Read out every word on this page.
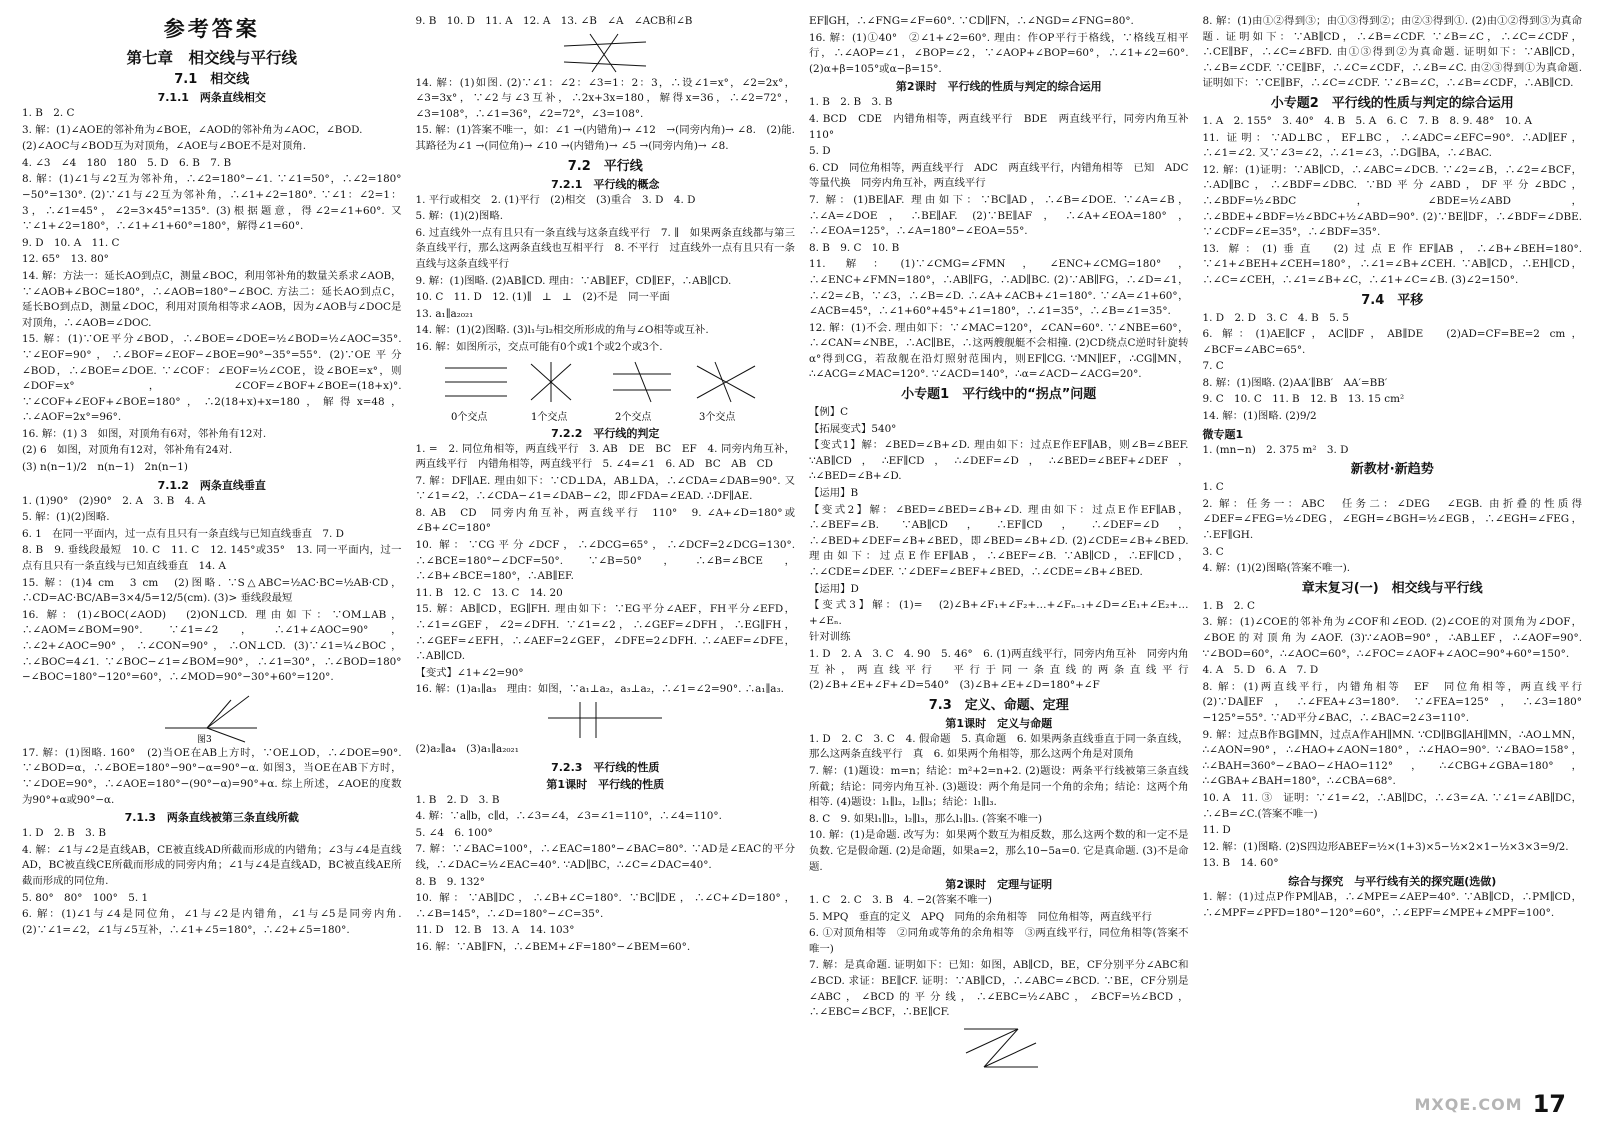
参考答案
第七章　相交线与平行线
7.1　相交线
7.1.1　两条直线相交

1. B　2. C

3. 解：(1)∠AOE的邻补角为∠BOE，∠AOD的邻补角为∠AOC，∠BOD.

(2)∠AOC与∠BOD互为对顶角，∠AOE与∠BOE不是对顶角.

4. ∠3　∠4　180　180　5. D　6. B　7. B

8. 解：(1)∠1与∠2互为邻补角，∴∠2=180°−∠1. ∵∠1=50°，∴∠2=180°−50°=130°. (2)∵∠1与∠2互为邻补角，∴∠1+∠2=180°. ∵∠1：∠2=1：3，∴∠1=45°，∠2=3×45°=135°. (3)根据题意，得∠2=∠1+60°. 又∵∠1+∠2=180°，∴∠1+∠1+60°=180°，解得∠1=60°.

9. D　10. A　11. C

12. 65°　13. 80°

14. 解：方法一：延长AO到点C，测量∠BOC，利用邻补角的数量关系求∠AOB，∵∠AOB+∠BOC=180°，∴∠AOB=180°−∠BOC. 方法二：延长AO到点C，延长BO到点D，测量∠DOC，利用对顶角相等求∠AOB，因为∠AOB与∠DOC是对顶角，∴∠AOB=∠DOC.

15. 解：(1)∵OE平分∠BOD，∴∠BOE=∠DOE=½∠BOD=½∠AOC=35°. ∵∠EOF=90°，∴∠BOF=∠EOF−∠BOE=90°−35°=55°. (2)∵OE平分∠BOD，∴∠BOE=∠DOE. ∵∠COF：∠EOF=½∠COE，设∠BOE=x°，则∠DOF=x°，∠COF=∠BOF+∠BOE=(18+x)°. ∵∠COF+∠EOF+∠BOE=180°，∴2(18+x)+x=180，解得x=48，∴∠AOF=2x°=96°.

16. 解：(1) 3　如图，对顶角有6对，邻补角有12对.

(2) 6　如图，对顶角有12对，邻补角有24对.

(3) n(n−1)/2　n(n−1)　2n(n−1)

7.1.2　两条直线垂直

1. (1)90°　(2)90°　2. A　3. B　4. A

5. 解：(1)(2)图略.

6. 1　在同一平面内，过一点有且只有一条直线与已知直线垂直　7. D

8. B　9. 垂线段最短　10. C　11. C　12. 145°或35°　13. 同一平面内，过一点有且只有一条直线与已知直线垂直　14. A

15. 解：(1)4 cm　3 cm　(2)图略. ∵S△ABC=½AC·BC=½AB·CD，∴CD=AC·BC/AB=3×4/5=12/5(cm). (3)> 垂线段最短

16. 解：(1)∠BOC(∠AOD)　(2)ON⊥CD. 理由如下：∵OM⊥AB，∴∠AOM=∠BOM=90°. ∵∠1=∠2，∴∠1+∠AOC=90°，∴∠2+∠AOC=90°，∴∠CON=90°，∴ON⊥CD. (3)∵∠1=¼∠BOC，∴∠BOC=4∠1. ∵∠BOC−∠1=∠BOM=90°，∴∠1=30°，∴∠BOD=180°−∠BOC=180°−120°=60°，∴∠MOD=90°−30°+60°=120°.

图3

17. 解：(1)图略. 160°　(2)当OE在AB上方时，∵OE⊥OD，∴∠DOE=90°. ∵∠BOD=α，∴∠BOE=180°−90°−α=90°−α. 如图3，当OE在AB下方时，∵∠DOE=90°，∴∠AOE=180°−(90°−α)=90°+α. 综上所述，∠AOE的度数为90°+α或90°−α.

7.1.3　两条直线被第三条直线所截

1. D　2. B　3. B

4. 解：∠1与∠2是直线AB，CE被直线AD所截而形成的内错角；∠3与∠4是直线AD，BC被直线CE所截而形成的同旁内角；∠1与∠4是直线AD，BC被直线AE所截而形成的同位角.

5. 80°　80°　100°　5. 1

6. 解：(1)∠1与∠4是同位角，∠1与∠2是内错角，∠1与∠5是同旁内角. (2)∵∠1=∠2，∠1与∠5互补，∴∠1+∠5=180°，∴∠2+∠5=180°.

9. B　10. D　11. A　12. A　13. ∠B　∠A　∠ACB和∠B

14. 解：(1)如图. (2)∵∠1：∠2：∠3=1：2：3，∴设∠1=x°，∠2=2x°，∠3=3x°，∵∠2与∠3互补，∴2x+3x=180，解得x=36，∴∠2=72°，∠3=108°，∴∠1=36°，∠2=72°，∠3=108°.

15. 解：(1)答案不唯一，如：∠1 →(内错角)→ ∠12　→(同旁内角)→ ∠8.　(2)能. 其路径为∠1 →(同位角)→ ∠10 →(内错角)→ ∠5 →(同旁内角)→ ∠8.

7.2　平行线
7.2.1　平行线的概念

1. 平行或相交　2. (1)平行　(2)相交　(3)重合　3. D　4. D

5. 解：(1)(2)图略.

6. 过直线外一点有且只有一条直线与这条直线平行　7. ∥　如果两条直线都与第三条直线平行，那么这两条直线也互相平行　8. 不平行　过直线外一点有且只有一条直线与这条直线平行

9. 解：(1)图略. (2)AB∥CD. 理由：∵AB∥EF，CD∥EF，∴AB∥CD.

10. C　11. D　12. (1)∥　⊥　⊥　(2)不是　同一平面

13. a₁∥a₂₀₂₁

14. 解：(1)(2)图略. (3)l₁与l₂相交所形成的角与∠O相等或互补.

16. 解：如图所示，交点可能有0个或1个或2个或3个.

0个交点	1个交点	2个交点	3个交点
7.2.2　平行线的判定

1. =　2. 同位角相等，两直线平行　3. AB　DE　BC　EF　4. 同旁内角互补，两直线平行　内错角相等，两直线平行　5. ∠4=∠1　6. AD　BC　AB　CD

7. 解：DF∥AE. 理由如下：∵CD⊥DA，AB⊥DA，∴∠CDA=∠DAB=90°. 又∵∠1=∠2，∴∠CDA−∠1=∠DAB−∠2，即∠FDA=∠EAD. ∴DF∥AE.

8. AB　CD　同旁内角互补，两直线平行　110°　9. ∠A+∠D=180°或∠B+∠C=180°

10. 解：∵CG平分∠DCF，∴∠DCG=65°，∴∠DCF=2∠DCG=130°. ∴∠BCE=180°−∠DCF=50°. ∵∠B=50°，∴∠B=∠BCE，∴∠B+∠BCE=180°，∴AB∥EF.

11. B　12. C　13. C　14. 20

15. 解：AB∥CD，EG∥FH. 理由如下：∵EG平分∠AEF，FH平分∠EFD，∴∠1=∠GEF，∠2=∠DFH. ∵∠1=∠2，∴∠GEF=∠DFH，∴EG∥FH，∴∠GEF=∠EFH，∴∠AEF=2∠GEF，∠DFE=2∠DFH. ∴∠AEF=∠DFE，∴AB∥CD.

【变式】∠1+∠2=90°

16. 解：(1)a₁∥a₃　理由：如图，∵a₁⊥a₂，a₃⊥a₂，∴∠1=∠2=90°. ∴a₁∥a₃.

(2)a₂∥a₄　(3)a₁∥a₂₀₂₁

7.2.3　平行线的性质
第1课时　平行线的性质

1. B　2. D　3. B

4. 解：∵a∥b，c∥d，∴∠3=∠4，∠3=∠1=110°，∴∠4=110°.

5. ∠4　6. 100°

7. 解：∵∠BAC=100°，∴∠EAC=180°−∠BAC=80°. ∵AD是∠EAC的平分线，∴∠DAC=½∠EAC=40°. ∵AD∥BC，∴∠C=∠DAC=40°.

8. B　9. 132°

10. 解：∵AB∥DC，∴∠B+∠C=180°. ∵BC∥DE，∴∠C+∠D=180°，∴∠B=145°，∴∠D=180°−∠C=35°.

11. D　12. B　13. A　14. 103°

16. 解：∵AB∥FN，∴∠BEM+∠F=180°−∠BEM=60°.

EF∥GH，∴∠FNG=∠F=60°. ∵CD∥FN，∴∠NGD=∠FNG=80°.

16. 解：(1)①40°　②∠1+∠2=60°. 理由：作OP平行于格线，∵格线互相平行，∴∠AOP=∠1，∠BOP=∠2，∵∠AOP+∠BOP=60°，∴∠1+∠2=60°. (2)α+β=105°或α−β=15°.

第2课时　平行线的性质与判定的综合运用

1. B　2. B　3. B

4. BCD　CDE　内错角相等，两直线平行　BDE　两直线平行，同旁内角互补　110°

5. D

6. CD　同位角相等，两直线平行　ADC　两直线平行，内错角相等　已知　ADC　等量代换　同旁内角互补，两直线平行

7. 解：(1)BE∥AF. 理由如下：∵BC∥AD，∴∠B=∠DOE. ∵∠A=∠B，∴∠A=∠DOE，∴BE∥AF. (2)∵BE∥AF，∴∠A+∠EOA=180°，∴∠EOA=125°，∴∠A=180°−∠EOA=55°.

8. B　9. C　10. B

11. 解：(1)∵∠CMG=∠FMN，∠ENC+∠CMG=180°，∴∠ENC+∠FMN=180°，∴AB∥FG，∴AD∥BC. (2)∵AB∥FG，∴∠D=∠1，∴∠2=∠B，∵∠3，∴∠B=∠D. ∴∠A+∠ACB+∠1=180°. ∵∠A=∠1+60°，∠ACB=45°，∴∠1+60°+45°+∠1=180°，∴∠1=35°，∴∠B=∠1=35°.

12. 解：(1)不会. 理由如下：∵∠MAC=120°，∠CAN=60°. ∵∠NBE=60°，∴∠CAN=∠NBE，∴AC∥BE，∴这两艘舰艇不会相撞. (2)CD绕点C逆时针旋转α°得到CG，若敌舰在沿灯照射范围内，则EF∥CG. ∵MN∥EF，∴CG∥MN，∴∠ACG=∠MAC=120°. ∵∠ACD=140°，∴α=∠ACD−∠ACG=20°.

小专题1　平行线中的“拐点”问题

【例】C

【拓展变式】540°

【变式1】解：∠BED=∠B+∠D. 理由如下：过点E作EF∥AB，则∠B=∠BEF. ∵AB∥CD，∴EF∥CD，∴∠DEF=∠D，∴∠BED=∠BEF+∠DEF，∴∠BED=∠B+∠D.

【运用】B

【变式2】解：∠BED=∠BED=∠B+∠D. 理由如下：过点E作EF∥AB，∴∠BEF=∠B. ∵AB∥CD，∴EF∥CD，∴∠DEF=∠D，∴∠BED+∠DEF=∠B+∠BED，即∠BED=∠B+∠D. (2)∠CDE=∠B+∠BED. 理由如下：过点E作EF∥AB，∴∠BEF=∠B. ∵AB∥CD，∴EF∥CD，∴∠CDE=∠DEF. ∵∠DEF=∠BEF+∠BED，∴∠CDE=∠B+∠BED.

【运用】D

【变式3】解：(1)=　(2)∠B+∠F₁+∠F₂+…+∠Fₙ₋₁+∠D=∠E₁+∠E₂+…+∠Eₙ.

针对训练

1. D　2. A　3. C　4. 90　5. 46°　6. (1)两直线平行，同旁内角互补　同旁内角互补，两直线平行　平行于同一条直线的两条直线平行　(2)∠B+∠E+∠F+∠D=540°　(3)∠B+∠E+∠D=180°+∠F

7.3　定义、命题、定理
第1课时　定义与命题

1. D　2. C　3. C　4. 假命题　5. 真命题　6. 如果两条直线垂直于同一条直线，那么这两条直线平行　真　6. 如果两个角相等，那么这两个角是对顶角

7. 解：(1)题设：m=n；结论：m²+2=n+2. (2)题设：两条平行线被第三条直线所截；结论：同旁内角互补. (3)题设：两个角是同一个角的余角；结论：这两个角相等. (4)题设：l₁∥l₂，l₂∥l₃；结论：l₁∥l₃.

8. C　9. 如果l₁∥l₂，l₂∥l₃，那么l₁∥l₃. (答案不唯一)

10. 解：(1)是命题. 改写为：如果两个数互为相反数，那么这两个数的和一定不是负数. 它是假命题. (2)是命题，如果a=2，那么10−5a=0. 它是真命题. (3)不是命题.

第2课时　定理与证明

1. C　2. C　3. B　4. −2(答案不唯一)

5. MPQ　垂直的定义　APQ　同角的余角相等　同位角相等，两直线平行

6. ①对顶角相等　②同角或等角的余角相等　③两直线平行，同位角相等(答案不唯一)

7. 解：是真命题. 证明如下：已知：如图，AB∥CD，BE，CF分别平分∠ABC和∠BCD. 求证：BE∥CF. 证明：∵AB∥CD，∴∠ABC=∠BCD. ∵BE，CF分别是∠ABC，∠BCD的平分线，∴∠EBC=½∠ABC，∠BCF=½∠BCD，∴∠EBC=∠BCF，∴BE∥CF.

8. 解：(1)由①②得到③；由①③得到②；由②③得到①. (2)由①②得到③为真命题. 证明如下：∵AB∥CD，∴∠B=∠CDF. ∵∠B=∠C，∴∠C=∠CDF，∴CE∥BF，∴∠C=∠BFD. 由①③得到②为真命题. 证明如下：∵AB∥CD，∴∠B=∠CDF. ∵CE∥BF，∴∠C=∠CDF，∴∠B=∠C. 由②③得到①为真命题. 证明如下：∵CE∥BF，∴∠C=∠CDF. ∵∠B=∠C，∴∠B=∠CDF，∴AB∥CD.

小专题2　平行线的性质与判定的综合运用

1. A　2. 155°　3. 40°　4. B　5. A　6. C　7. B　8. 9. 48°　10. A

11. 证明：∵AD⊥BC，EF⊥BC，∴∠ADC=∠EFC=90°. ∴AD∥EF，∴∠1=∠2. 又∵∠3=∠2，∴∠1=∠3，∴DG∥BA，∴∠BAC.

12. 解：(1)证明：∵AB∥CD，∴∠ABC=∠DCB. ∵∠2=∠B，∴∠2=∠BCF，∴AD∥BC，∴∠BDF=∠DBC. ∵BD平分∠ABD，DF平分∠BDC，∴∠BDF=½∠BDC，∠BDE=½∠ABD，∴∠BDE+∠BDF=½∠BDC+½∠ABD=90°. (2)∵BE∥DF，∴∠BDF=∠DBE. ∵∠CDF=∠E=35°，∴∠BDF=35°.

13. 解：(1)垂直　(2)过点E作EF∥AB，∴∠B+∠BEH=180°. ∵∠1+∠BEH+∠CEH=180°，∴∠1=∠B+∠CEH. ∵AB∥CD，∴EH∥CD，∴∠C=∠CEH，∴∠1=∠B+∠C，∴∠1+∠C=∠B. (3)∠2=150°.

7.4　平移

1. D　2. D　3. C　4. B　5. 5

6. 解：(1)AE∥CF，AC∥DF，AB∥DE　(2)AD=CF=BE=2 cm，∠BCF=∠ABC=65°.

7. C

8. 解：(1)图略. (2)AA′∥BB′　AA′=BB′

9. C　10. C　11. B　12. B　13. 15 cm²

14. 解：(1)图略. (2)9/2

微专题1

1. (mn−n)　2. 375 m²　3. D

新教材·新趋势

1. C

2. 解：任务一：ABC　任务二：∠DEG　∠EGB. 由折叠的性质得∠DEF=∠FEG=½∠DEG，∠EGH=∠BGH=½∠EGB，∴∠EGH=∠FEG，∴EF∥GH.

3. C

4. 解：(1)(2)图略(答案不唯一).

章末复习(一)　相交线与平行线

1. B　2. C

3. 解：(1)∠COE的邻补角为∠COF和∠EOD. (2)∠COE的对顶角为∠DOF，∠BOE的对顶角为∠AOF. (3)∵∠AOB=90°，∴AB⊥EF，∴∠AOF=90°. ∵∠BOD=60°，∴∠AOC=60°，∴∠FOC=∠AOF+∠AOC=90°+60°=150°.

4. A　5. D　6. A　7. D

8. 解：(1)两直线平行，内错角相等　EF　同位角相等，两直线平行　(2)∵DA∥EF，∴∠FEA+∠3=180°. ∵∠FEA=125°，∴∠3=180°−125°=55°. ∵AD平分∠BAC，∴∠BAC=2∠3=110°.

9. 解：过点B作BG∥MN，过点A作AH∥MN. ∵CD∥BG∥AH∥MN，∴AO⊥MN，∴∠AON=90°，∴∠HAO+∠AON=180°，∴∠HAO=90°. ∵∠BAO=158°，∴∠BAH=360°−∠BAO−∠HAO=112°，∴∠CBG+∠GBA=180°，∴∠GBA+∠BAH=180°，∴∠CBA=68°.

10. A　11. ③　证明：∵∠1=∠2，∴AB∥DC，∴∠3=∠A. ∵∠1=∠AB∥DC，∴∠B=∠C.(答案不唯一)

11. D

12. 解：(1)图略. (2)S四边形ABEF=½×(1+3)×5−½×2×1−½×3×3=9/2.

13. B　14. 60°

综合与探究　与平行线有关的探究题(选做)

1. 解：(1)过点P作PM∥AB，∴∠MPE=∠AEP=40°. ∵AB∥CD，∴PM∥CD，∴∠MPF=∠PFD=180°−120°=60°，∴∠EPF=∠MPE+∠MPF=100°.

MXQE.COM 17
